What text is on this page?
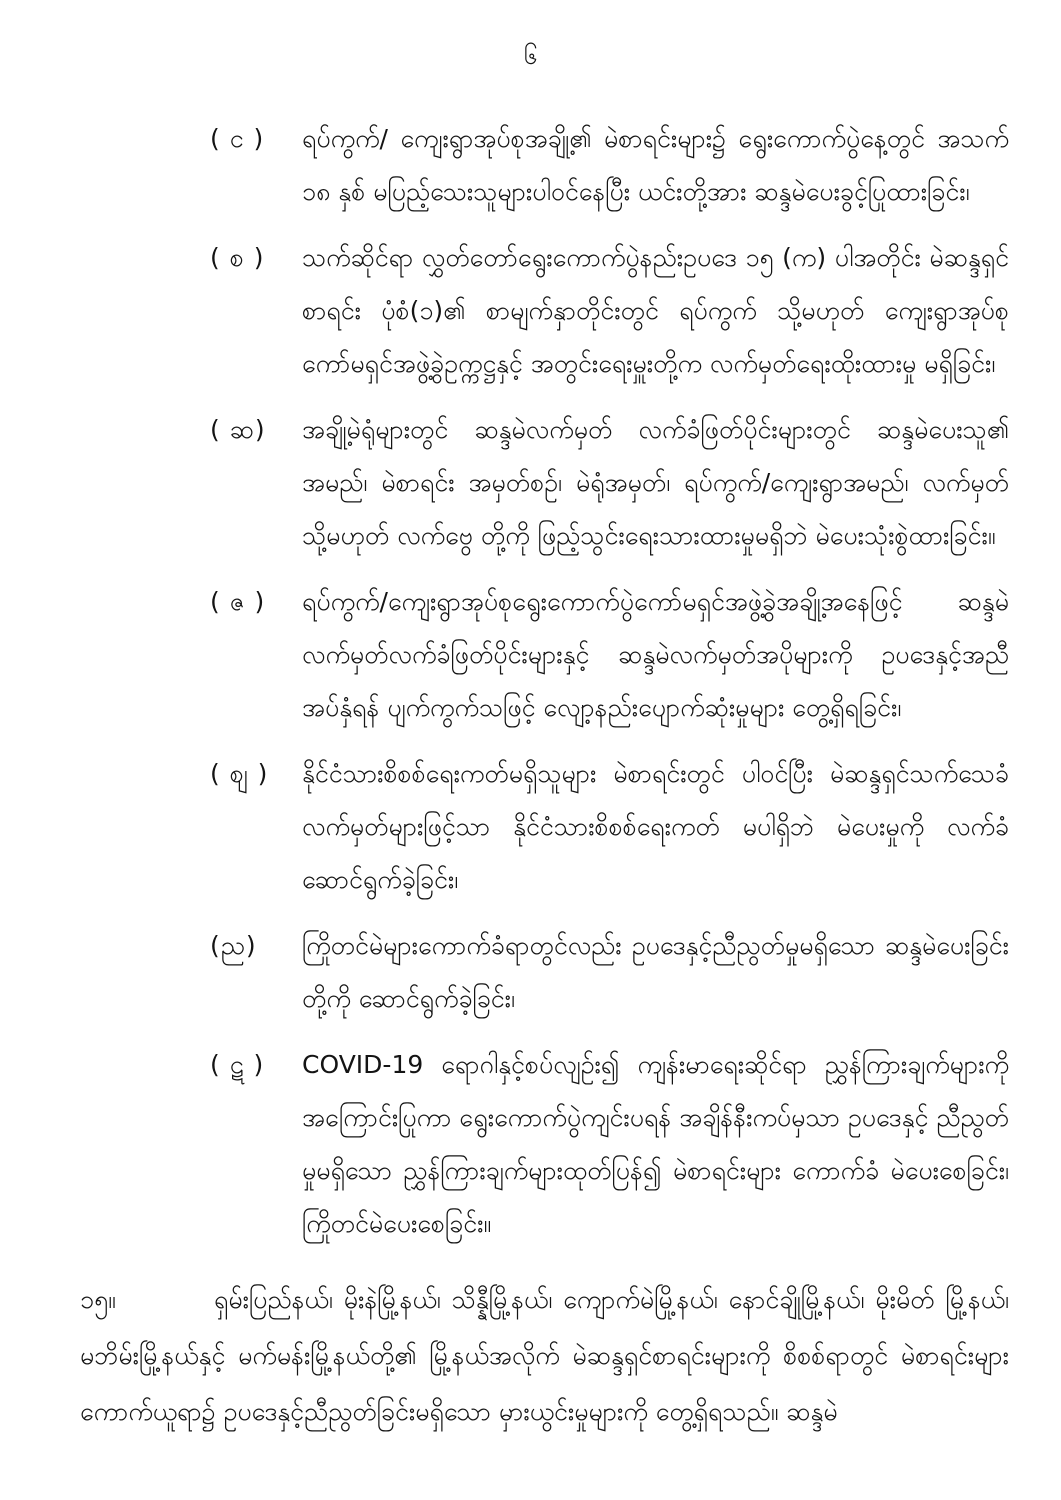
၆
( င )	ရပ်ကွက်/ ကျေးရွာအုပ်စုအချို့၏ မဲစာရင်းများ၌ ရွေးကောက်ပွဲနေ့တွင် အသက် ၁၈ နှစ် မပြည့်သေးသူများပါဝင်နေပြီး ယင်းတို့အား ဆန္ဒမဲပေးခွင့်ပြုထားခြင်း၊
( စ )	သက်ဆိုင်ရာ လွှတ်တော်ရွေးကောက်ပွဲနည်းဥပဒေ ၁၅ (က) ပါအတိုင်း မဲဆန္ဒရှင် စာရင်း ပုံစံ(၁)၏ စာမျက်နှာတိုင်းတွင် ရပ်ကွက် သို့မဟုတ် ကျေးရွာအုပ်စု ကော်မရှင်အဖွဲ့ခွဲဥက္ကဋ္ဌနှင့် အတွင်းရေးမှူးတို့က လက်မှတ်ရေးထိုးထားမှု မရှိခြင်း၊
( ဆ)	အချို့မဲရုံများတွင် ဆန္ဒမဲလက်မှတ် လက်ခံဖြတ်ပိုင်းများတွင် ဆန္ဒမဲပေးသူ၏ အမည်၊ မဲစာရင်း အမှတ်စဉ်၊ မဲရုံအမှတ်၊ ရပ်ကွက်/ကျေးရွာအမည်၊ လက်မှတ် သို့မဟုတ် လက်ဗွေ တို့ကို ဖြည့်သွင်းရေးသားထားမှုမရှိဘဲ မဲပေးသုံးစွဲထားခြင်း။
( ဇ )	ရပ်ကွက်/ကျေးရွာအုပ်စုရွေးကောက်ပွဲကော်မရှင်အဖွဲ့ခွဲအချို့အနေဖြင့် ဆန္ဒမဲ လက်မှတ်လက်ခံဖြတ်ပိုင်းများနှင့် ဆန္ဒမဲလက်မှတ်အပိုများကို ဥပဒေနှင့်အညီ အပ်နှံရန် ပျက်ကွက်သဖြင့် လျော့နည်းပျောက်ဆုံးမှုများ တွေ့ရှိရခြင်း၊
( စျ )	နိုင်ငံသားစိစစ်ရေးကတ်မရှိသူများ မဲစာရင်းတွင် ပါဝင်ပြီး မဲဆန္ဒရှင်သက်သေခံ လက်မှတ်များဖြင့်သာ နိုင်ငံသားစိစစ်ရေးကတ် မပါရှိဘဲ မဲပေးမှုကို လက်ခံ ဆောင်ရွက်ခဲ့ခြင်း၊
(ည)	ကြိုတင်မဲများကောက်ခံရာတွင်လည်း ဥပဒေနှင့်ညီညွတ်မှုမရှိသော ဆန္ဒမဲပေးခြင်း တို့ကို ဆောင်ရွက်ခဲ့ခြင်း၊
( ဋ )	COVID-19 ရောဂါနှင့်စပ်လျဉ်း၍ ကျန်းမာရေးဆိုင်ရာ ညွှန်ကြားချက်များကို အကြောင်းပြုကာ ရွေးကောက်ပွဲကျင်းပရန် အချိန်နီးကပ်မှသာ ဥပဒေနှင့် ညီညွတ်မှုမရှိသော ညွှန်ကြားချက်များထုတ်ပြန်၍ မဲစာရင်းများ ကောက်ခံ မဲပေးစေခြင်း၊ ကြိုတင်မဲပေးစေခြင်း။
၁၅။	ရှမ်းပြည်နယ်၊ မိုးနဲမြို့နယ်၊ သိန္နီမြို့နယ်၊ ကျောက်မဲမြို့နယ်၊ နောင်ချိုမြို့နယ်၊ မိုးမိတ် မြို့နယ်၊ မဘိမ်းမြို့နယ်နှင့် မက်မန်းမြို့နယ်တို့၏ မြို့နယ်အလိုက် မဲဆန္ဒရှင်စာရင်းများကို စိစစ်ရာတွင် မဲစာရင်းများကောက်ယူရာ၌ ဥပဒေနှင့်ညီညွတ်ခြင်းမရှိသော မှားယွင်းမှုများကို တွေ့ရှိရသည်။ ဆန္ဒမဲ
